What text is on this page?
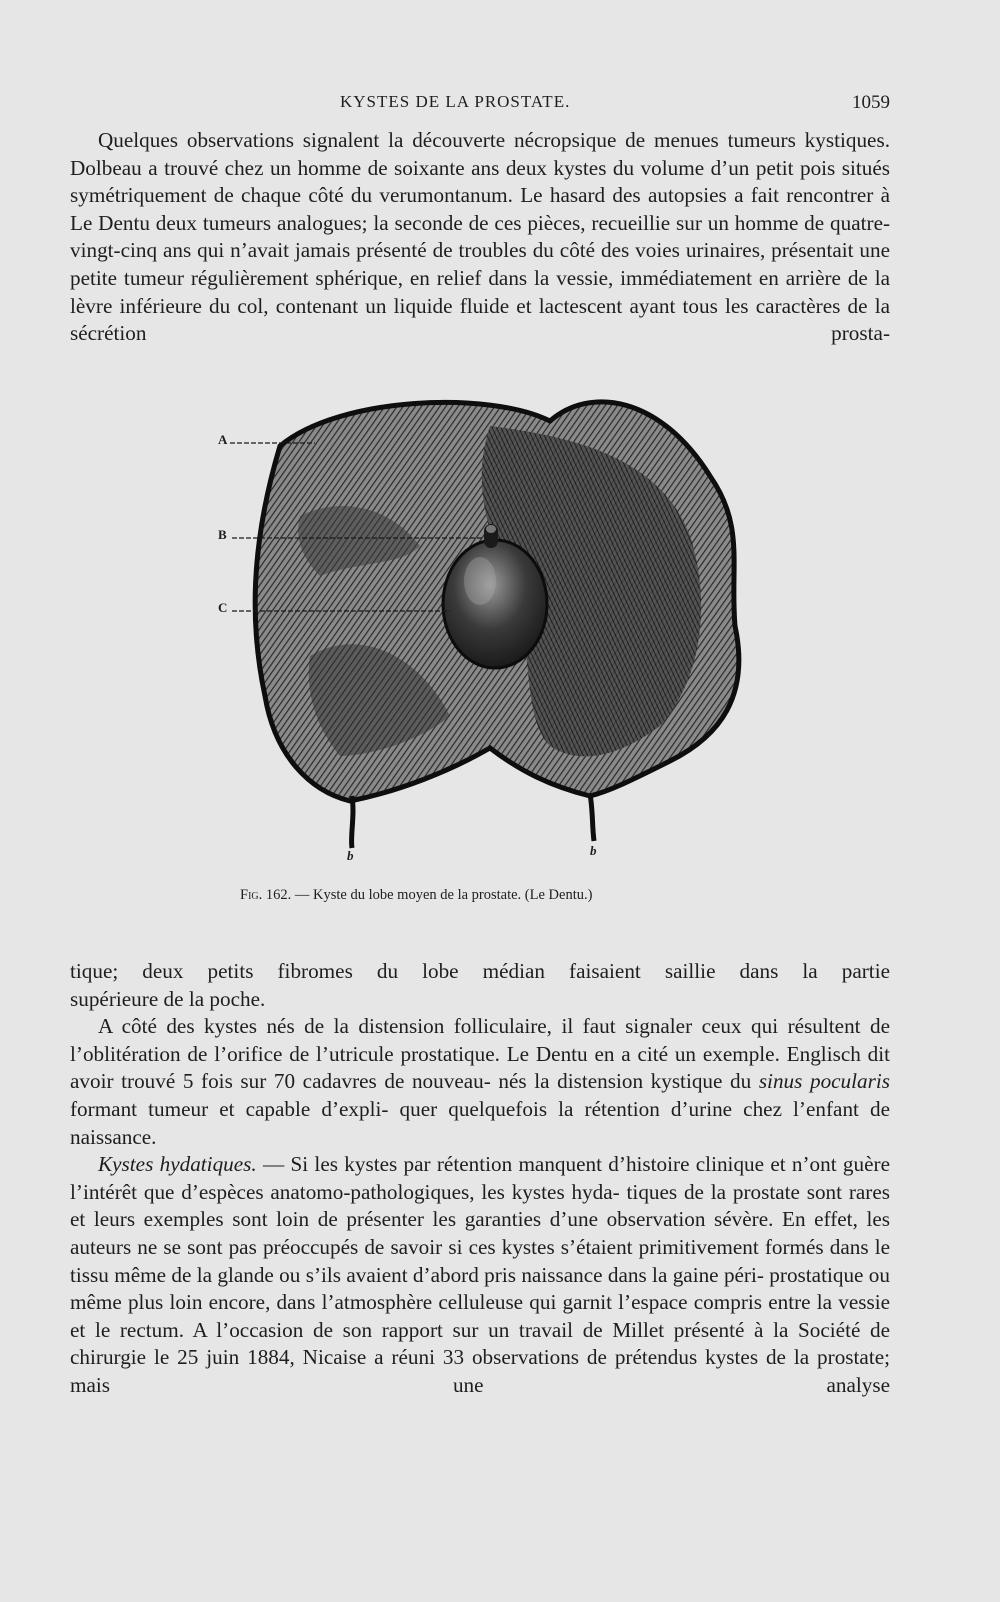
KYSTES DE LA PROSTATE.	1059

Quelques observations signalent la découverte nécropsique de menues tumeurs kystiques. Dolbeau a trouvé chez un homme de soixante ans deux kystes du volume d’un petit pois situés symétriquement de chaque côté du verumontanum. Le hasard des autopsies a fait rencontrer à Le Dentu deux tumeurs analogues; la seconde de ces pièces, recueillie sur un homme de quatre-vingt-cinq ans qui n’avait jamais présenté de troubles du côté des voies urinaires, présentait une petite tumeur régulièrement sphérique, en relief dans la vessie, immédiatement en arrière de la lèvre inférieure du col, contenant un liquide fluide et lactescent ayant tous les caractères de la sécrétion prosta-

A
B
C
b	b
Fig. 162. — Kyste du lobe moyen de la prostate. (Le Dentu.)

tique; deux petits fibromes du lobe médian faisaient saillie dans la partie
supérieure de la poche.

A côté des kystes nés de la distension folliculaire, il faut signaler ceux qui résultent de l’oblitération de l’orifice de l’utricule prostatique. Le Dentu en a cité un exemple. Englisch dit avoir trouvé 5 fois sur 70 cadavres de nouveau- nés la distension kystique du sinus pocularis formant tumeur et capable d’expli- quer quelquefois la rétention d’urine chez l’enfant de naissance.

Kystes hydatiques. — Si les kystes par rétention manquent d’histoire clinique et n’ont guère l’intérêt que d’espèces anatomo-pathologiques, les kystes hyda- tiques de la prostate sont rares et leurs exemples sont loin de présenter les garanties d’une observation sévère. En effet, les auteurs ne se sont pas préoccupés de savoir si ces kystes s’étaient primitivement formés dans le tissu même de la glande ou s’ils avaient d’abord pris naissance dans la gaine péri- prostatique ou même plus loin encore, dans l’atmosphère celluleuse qui garnit l’espace compris entre la vessie et le rectum. A l’occasion de son rapport sur un travail de Millet présenté à la Société de chirurgie le 25 juin 1884, Nicaise a réuni 33 observations de prétendus kystes de la prostate; mais une analyse
